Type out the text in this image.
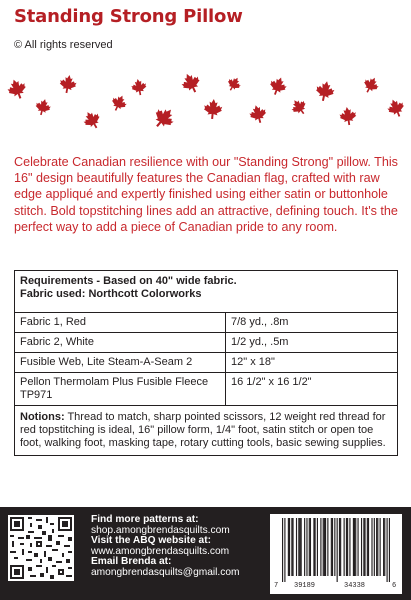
Standing Strong Pillow
© All rights reserved

Celebrate Canadian resilience with our "Standing Strong" pillow. This 16" design beautifully features the Canadian flag, crafted with raw edge appliqué and expertly finished using either satin or buttonhole stitch. Bold topstitching lines add an attractive, defining touch. It's the perfect way to add a piece of Canadian pride to any room.

Requirements - Based on 40" wide fabric.
Fabric used: Northcott Colorworks	

Fabric 1, Red	7/8 yd., .8m
Fabric 2, White	1/2 yd., .5m
Fusible Web, Lite Steam-A-Seam 2	12" x 18"
Pellon Thermolam Plus Fusible Fleece TP971	16 1/2" x 16 1/2"
Notions: Thread to match, sharp pointed scissors, 12 weight red thread for red topstitching is ideal, 16" pillow form, 1/4" foot, satin stitch or open toe foot, walking foot, masking tape, rotary cutting tools, basic sewing supplies.	
Find more patterns at:
shop.amongbrendasquilts.com
Visit the ABQ website at:
www.amongbrendasquilts.com
Email Brenda at:
amongbrendasquilts@gmail.com
7 39189	34338	6
